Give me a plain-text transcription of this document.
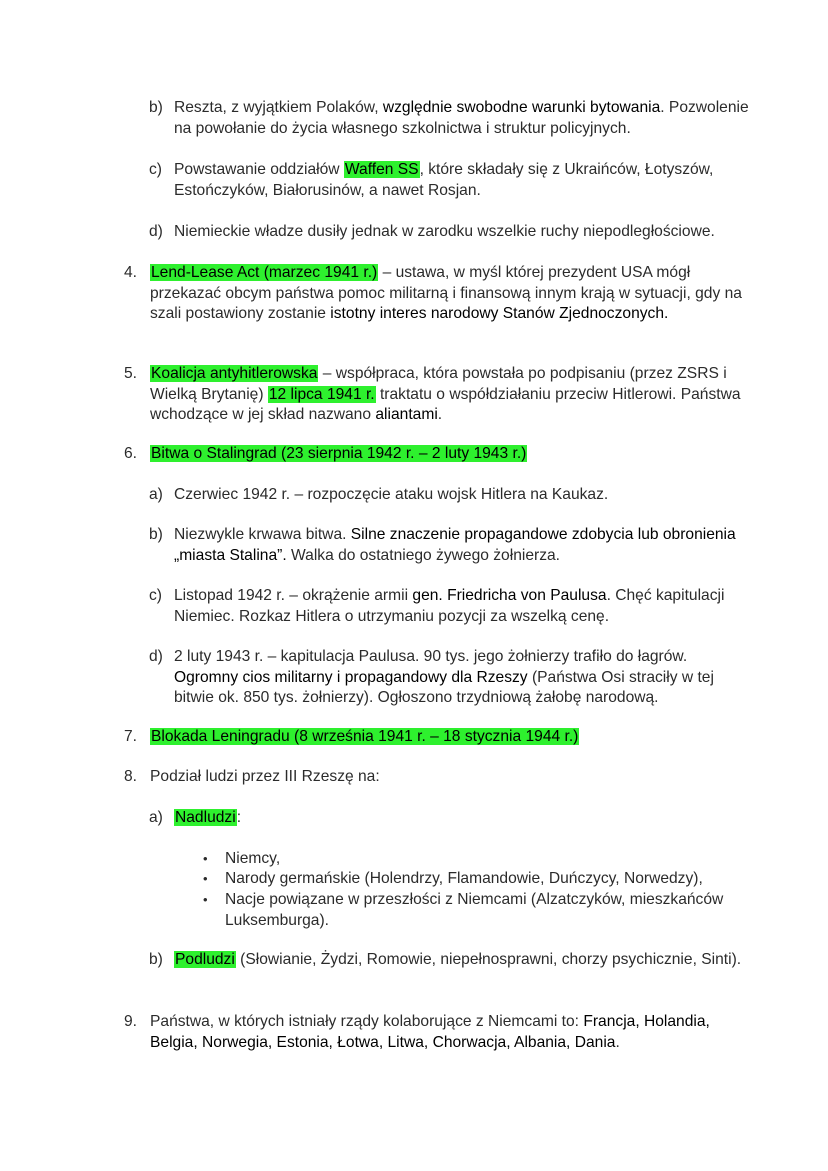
b) Reszta, z wyjątkiem Polaków, względnie swobodne warunki bytowania. Pozwolenie na powołanie do życia własnego szkolnictwa i struktur policyjnych.

c) Powstawanie oddziałów Waffen SS, które składały się z Ukraińców, Łotyszów, Estończyków, Białorusinów, a nawet Rosjan.

d) Niemieckie władze dusiły jednak w zarodku wszelkie ruchy niepodległościowe.

4. Lend-Lease Act (marzec 1941 r.) – ustawa, w myśl której prezydent USA mógł przekazać obcym państwa pomoc militarną i finansową innym krają w sytuacji, gdy na szali postawiony zostanie istotny interes narodowy Stanów Zjednoczonych.

5. Koalicja antyhitlerowska – współpraca, która powstała po podpisaniu (przez ZSRS i Wielką Brytanię) 12 lipca 1941 r. traktatu o współdziałaniu przeciw Hitlerowi. Państwa wchodzące w jej skład nazwano aliantami.

6. Bitwa o Stalingrad (23 sierpnia 1942 r. – 2 luty 1943 r.)

a) Czerwiec 1942 r. – rozpoczęcie ataku wojsk Hitlera na Kaukaz.

b) Niezwykle krwawa bitwa. Silne znaczenie propagandowe zdobycia lub obronienia „miasta Stalina”. Walka do ostatniego żywego żołnierza.

c) Listopad 1942 r. – okrążenie armii gen. Friedricha von Paulusa. Chęć kapitulacji Niemiec. Rozkaz Hitlera o utrzymaniu pozycji za wszelką cenę.

d) 2 luty 1943 r. – kapitulacja Paulusa. 90 tys. jego żołnierzy trafiło do łagrów. Ogromny cios militarny i propagandowy dla Rzeszy (Państwa Osi straciły w tej bitwie ok. 850 tys. żołnierzy). Ogłoszono trzydniową żałobę narodową.

7. Blokada Leningradu (8 września 1941 r. – 18 stycznia 1944 r.)

8. Podział ludzi przez III Rzeszę na:

a) Nadludzi:

• Niemcy,

• Narody germańskie (Holendrzy, Flamandowie, Duńczycy, Norwedzy),

• Nacje powiązane w przeszłości z Niemcami (Alzatczyków, mieszkańców Luksemburga).

b) Podludzi (Słowianie, Żydzi, Romowie, niepełnosprawni, chorzy psychicznie, Sinti).

9. Państwa, w których istniały rządy kolaborujące z Niemcami to: Francja, Holandia, Belgia, Norwegia, Estonia, Łotwa, Litwa, Chorwacja, Albania, Dania.
